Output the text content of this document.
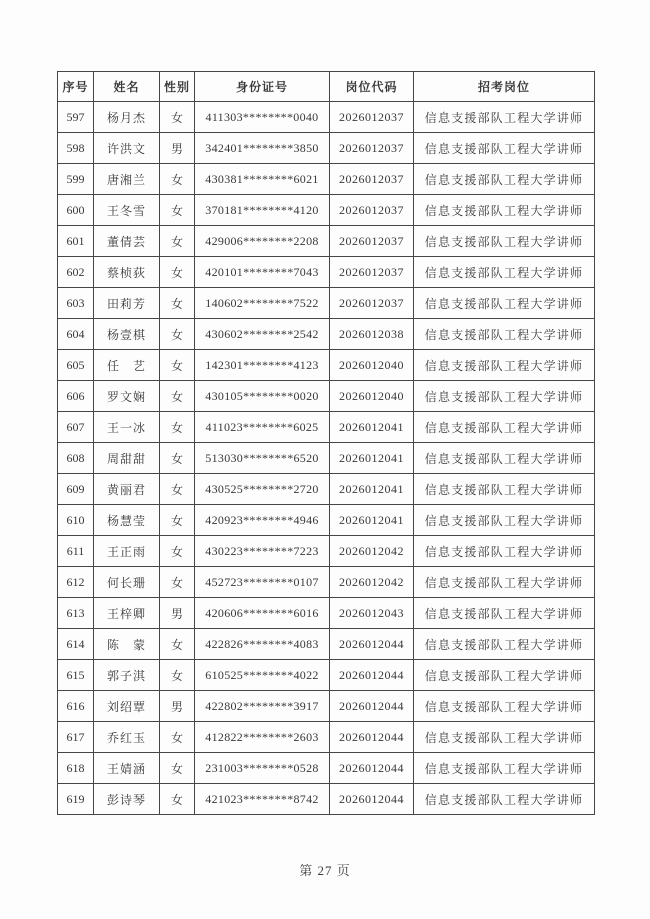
序号	姓名	性别	身份证号	岗位代码	招考岗位
597	杨月杰	女	411303********0040	2026012037	信息支援部队工程大学讲师
598	许洪文	男	342401********3850	2026012037	信息支援部队工程大学讲师
599	唐湘兰	女	430381********6021	2026012037	信息支援部队工程大学讲师
600	王冬雪	女	370181********4120	2026012037	信息支援部队工程大学讲师
601	董倩芸	女	429006********2208	2026012037	信息支援部队工程大学讲师
602	蔡桢荻	女	420101********7043	2026012037	信息支援部队工程大学讲师
603	田莉芳	女	140602********7522	2026012037	信息支援部队工程大学讲师
604	杨壹棋	女	430602********2542	2026012038	信息支援部队工程大学讲师
605	任　艺	女	142301********4123	2026012040	信息支援部队工程大学讲师
606	罗文娴	女	430105********0020	2026012040	信息支援部队工程大学讲师
607	王一冰	女	411023********6025	2026012041	信息支援部队工程大学讲师
608	周甜甜	女	513030********6520	2026012041	信息支援部队工程大学讲师
609	黄丽君	女	430525********2720	2026012041	信息支援部队工程大学讲师
610	杨慧莹	女	420923********4946	2026012041	信息支援部队工程大学讲师
611	王正雨	女	430223********7223	2026012042	信息支援部队工程大学讲师
612	何长珊	女	452723********0107	2026012042	信息支援部队工程大学讲师
613	王梓卿	男	420606********6016	2026012043	信息支援部队工程大学讲师
614	陈　蒙	女	422826********4083	2026012044	信息支援部队工程大学讲师
615	郭子淇	女	610525********4022	2026012044	信息支援部队工程大学讲师
616	刘绍覃	男	422802********3917	2026012044	信息支援部队工程大学讲师
617	乔红玉	女	412822********2603	2026012044	信息支援部队工程大学讲师
618	王婧涵	女	231003********0528	2026012044	信息支援部队工程大学讲师
619	彭诗琴	女	421023********8742	2026012044	信息支援部队工程大学讲师
第 27 页
